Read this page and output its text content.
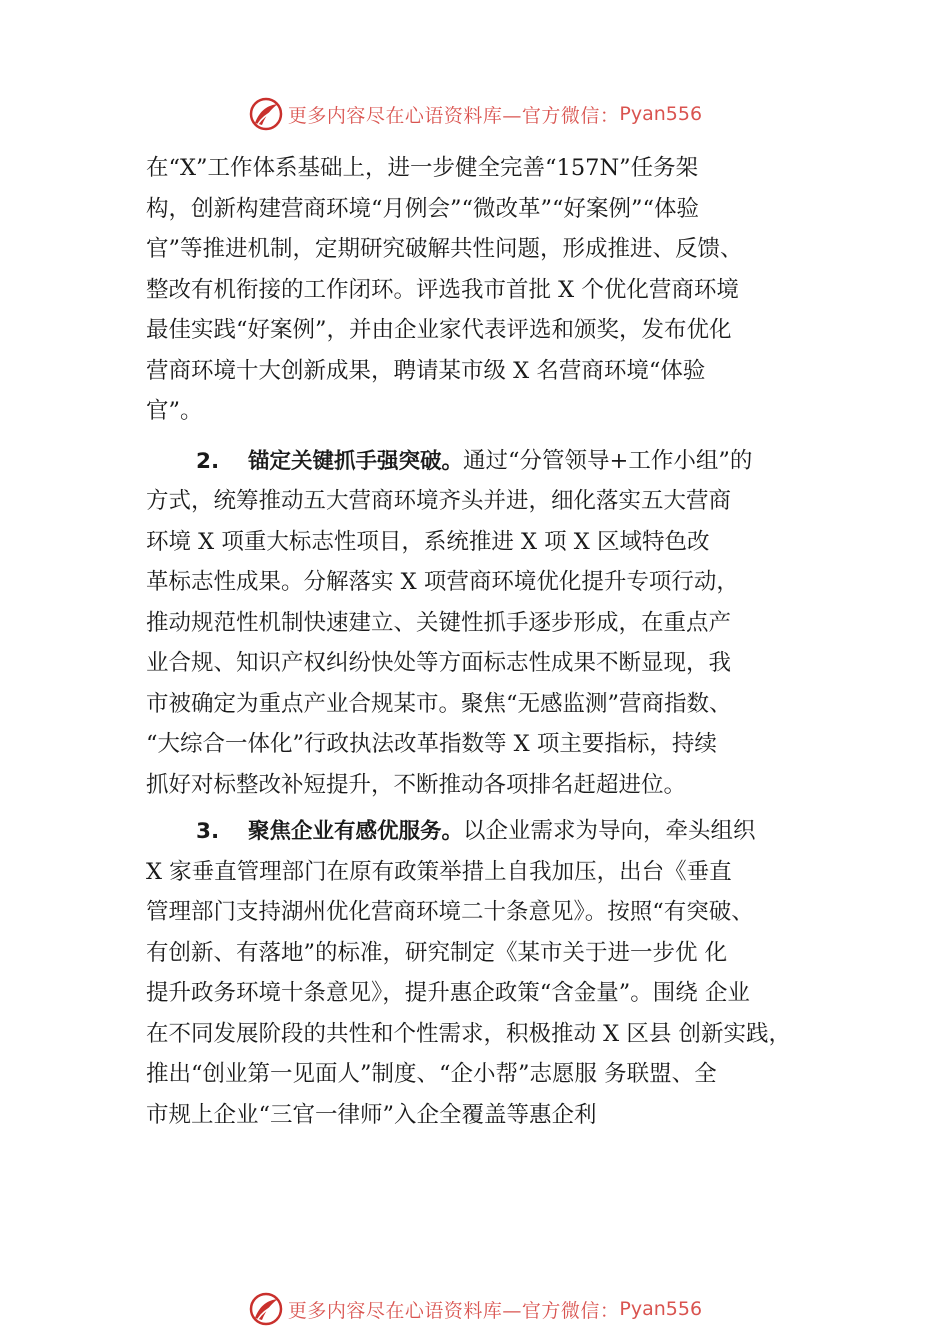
更多内容尽在心语资料库—官方微信： Pyan556
在“X”工作体系基础上，进一步健全完善“157N”任务架
构，创新构建营商环境“月例会”“微改革”“好案例”“体验
官”等推进机制，定期研究破解共性问题，形成推进、反馈、
整改有机衔接的工作闭环。评选我市首批 X 个优化营商环境
最佳实践“好案例”，并由企业家代表评选和颁奖，发布优化
营商环境十大创新成果，聘请某市级 X 名营商环境“体验
官”。
2. 锚定关键抓手强突破。通过“分管领导+工作小组”的
方式，统筹推动五大营商环境齐头并进，细化落实五大营商
环境 X 项重大标志性项目，系统推进 X 项 X 区域特色改
革标志性成果。分解落实 X 项营商环境优化提升专项行动，
推动规范性机制快速建立、关键性抓手逐步形成，在重点产
业合规、知识产权纠纷快处等方面标志性成果不断显现，我
市被确定为重点产业合规某市。聚焦“无感监测”营商指数、
“大综合一体化”行政执法改革指数等 X 项主要指标，持续
抓好对标整改补短提升，不断推动各项排名赶超进位。
3. 聚焦企业有感优服务。以企业需求为导向，牵头组织
X 家垂直管理部门在原有政策举措上自我加压，出台《垂直
管理部门支持湖州优化营商环境二十条意见》。按照“有突破、
有创新、有落地”的标准，研究制定《某市关于进一步优 化
提升政务环境十条意见》，提升惠企政策“含金量”。围绕 企业
在不同发展阶段的共性和个性需求，积极推动 X 区县 创新实践，
推出“创业第一见面人”制度、“企小帮”志愿服 务联盟、全
市规上企业“三官一律师”入企全覆盖等惠企利
更多内容尽在心语资料库—官方微信： Pyan556
